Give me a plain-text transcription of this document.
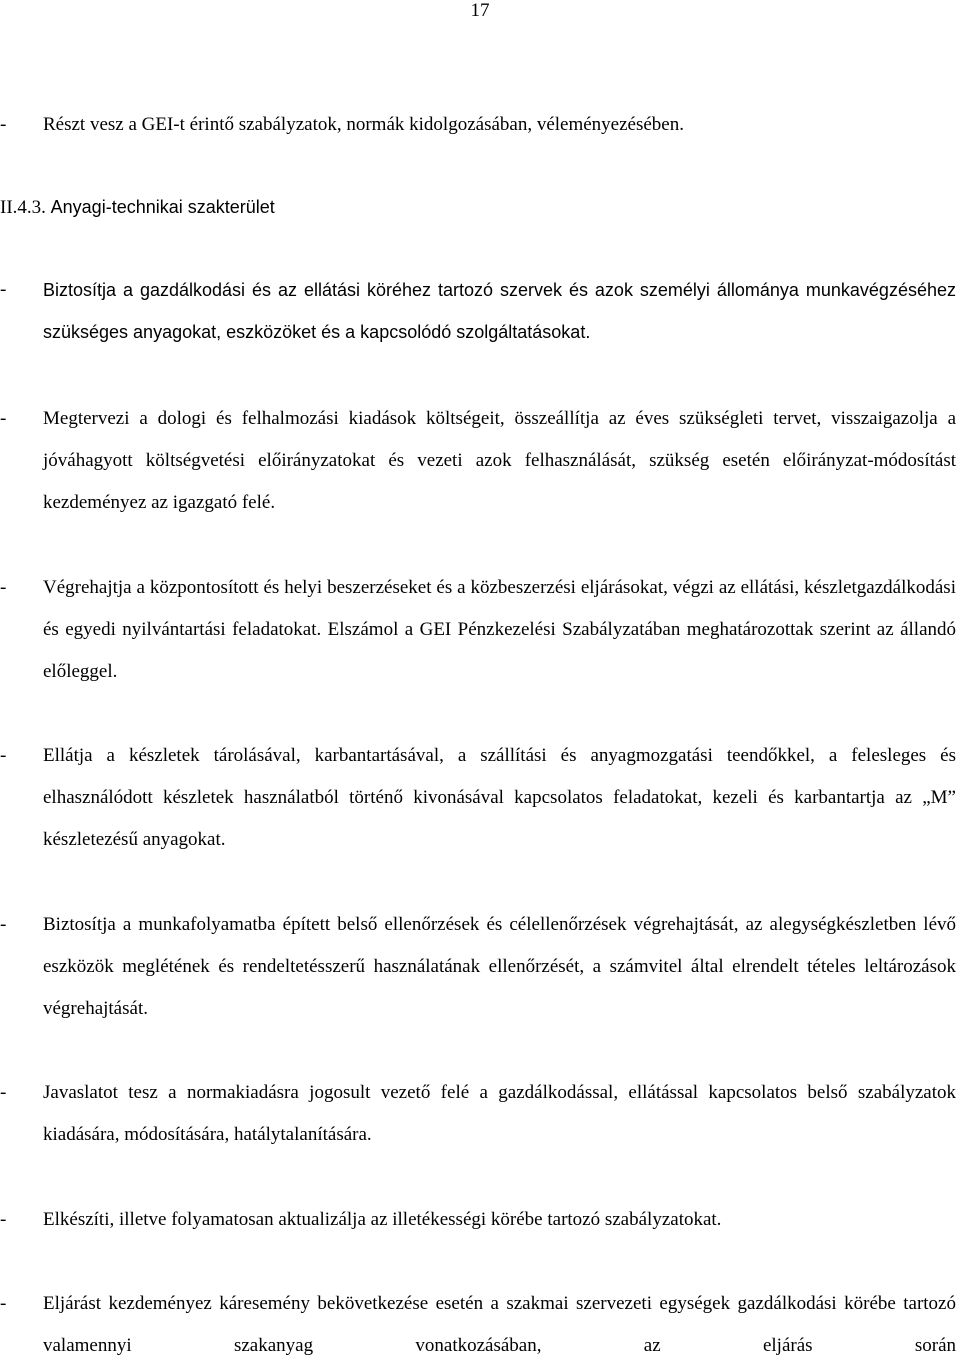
17
- Részt vesz a GEI-t érintő szabályzatok, normák kidolgozásában, véleményezésében.
II.4.3. Anyagi-technikai szakterület
- Biztosítja a gazdálkodási és az ellátási köréhez tartozó szervek és azok személyi állománya munkavégzéséhez szükséges anyagokat, eszközöket és a kapcsolódó szolgáltatásokat.
- Megtervezi a dologi és felhalmozási kiadások költségeit, összeállítja az éves szükségleti tervet, visszaigazolja a jóváhagyott költségvetési előirányzatokat és vezeti azok felhasználását, szükség esetén előirányzat-módosítást kezdeményez az igazgató felé.
- Végrehajtja a központosított és helyi beszerzéseket és a közbeszerzési eljárásokat, végzi az ellátási, készletgazdálkodási és egyedi nyilvántartási feladatokat. Elszámol a GEI Pénzkezelési Szabályzatában meghatározottak szerint az állandó előleggel.
- Ellátja a készletek tárolásával, karbantartásával, a szállítási és anyagmozgatási teendőkkel, a felesleges és elhasználódott készletek használatból történő kivonásával kapcsolatos feladatokat, kezeli és karbantartja az „M” készletezésű anyagokat.
- Biztosítja a munkafolyamatba épített belső ellenőrzések és célellenőrzések végrehajtását, az alegységkészletben lévő eszközök meglétének és rendeltetésszerű használatának ellenőrzését, a számvitel által elrendelt tételes leltározások végrehajtását.
- Javaslatot tesz a normakiadásra jogosult vezető felé a gazdálkodással, ellátással kapcsolatos belső szabályzatok kiadására, módosítására, hatálytalanítására.
- Elkészíti, illetve folyamatosan aktualizálja az illetékességi körébe tartozó szabályzatokat.
- Eljárást kezdeményez káresemény bekövetkezése esetén a szakmai szervezeti egységek gazdálkodási körébe tartozó valamennyi szakanyag vonatkozásában, az eljárás során
